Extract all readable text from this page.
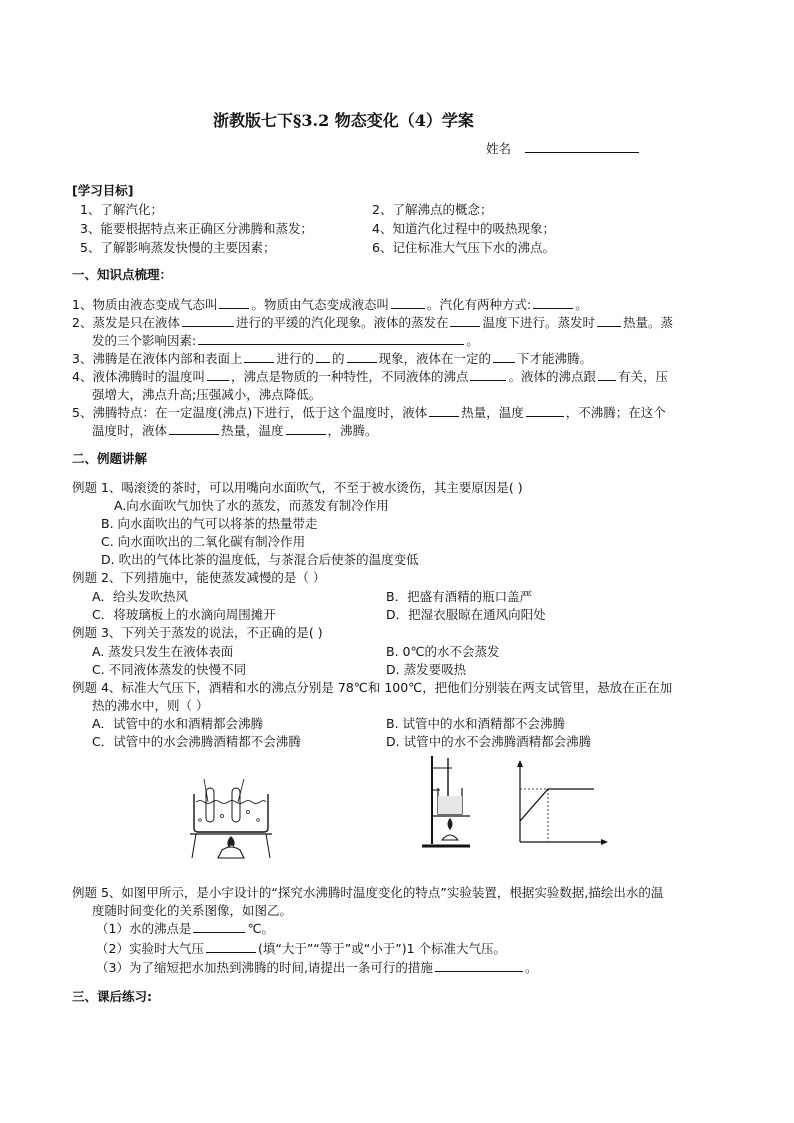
浙教版七下§3.2 物态变化（4）学案
姓名
[学习目标]
1、了解汽化；	2、了解沸点的概念；
3、能要根据特点来正确区分沸腾和蒸发；	4、知道汽化过程中的吸热现象；
5、了解影响蒸发快慢的主要因素；	6、记住标准大气压下水的沸点。
一、知识点梳理：
1、物质由液态变成气态叫	。物质由气态变成液态叫	。汽化有两种方式:	。
2、蒸发是只在液体	进行的平缓的汽化现象。液体的蒸发在	温度下进行。蒸发时 热量。蒸
发的三个影响因素:	。
3、沸腾是在液体内部和表面上	进行的 的	现象，液体在一定的 下才能沸腾。
4、液体沸腾时的温度叫 ，沸点是物质的一种特性，不同液体的沸点	。液体的沸点跟 有关，压
强增大，沸点升高;压强减小，沸点降低。
5、沸腾特点：在一定温度(沸点)下进行，低于这个温度时，液体	热量，温度	，不沸腾；在这个
温度时，液体	热量，温度	，沸腾。
二、例题讲解
例题 1、喝滚烫的茶时，可以用嘴向水面吹气，不至于被水烫伤，其主要原因是( )
A.向水面吹气加快了水的蒸发，而蒸发有制冷作用
B. 向水面吹出的气可以将茶的热量带走
C. 向水面吹出的二氧化碳有制冷作用
D. 吹出的气体比茶的温度低，与茶混合后使茶的温度变低
例题 2、下列措施中，能使蒸发减慢的是（ ）
A．给头发吹热风	B．把盛有酒精的瓶口盖严
C．将玻璃板上的水滴向周围摊开	D．把湿衣服晾在通风向阳处
例题 3、下列关于蒸发的说法，不正确的是( )
A. 蒸发只发生在液体表面	B. 0℃的水不会蒸发
C. 不同液体蒸发的快慢不同	D. 蒸发要吸热
例题 4、标准大气压下，酒精和水的沸点分别是 78℃和 100℃，把他们分别装在两支试管里，悬放在正在加
热的沸水中，则（ ）
A．试管中的水和酒精都会沸腾	B. 试管中的水和酒精都不会沸腾
C．试管中的水会沸腾酒精都不会沸腾	D. 试管中的水不会沸腾酒精都会沸腾
例题 5、如图甲所示，是小宇设计的“探究水沸腾时温度变化的特点”实验装置，根据实验数据,描绘出水的温
度随时间变化的关系图像，如图乙。
（1）水的沸点是	℃。
（2）实验时大气压	(填“大于”“等于”或“小于”)1 个标准大气压。
（3）为了缩短把水加热到沸腾的时间,请提出一条可行的措施	。
三、课后练习:
